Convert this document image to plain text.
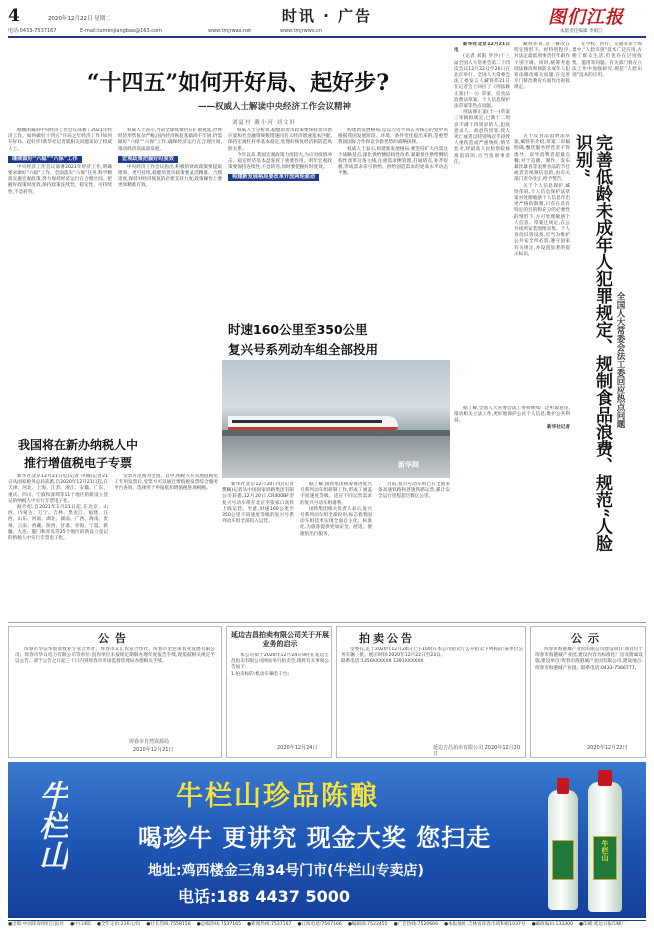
4	2020年12月22日 星期二	时讯 · 广告	图们江报
本版责任编辑 李娟江
电话:0433-7537167	E-mail:tumenjiangbao@163.com	www.tmjrwas.net	www.tmjrwws.cn
“十四五”如何开好局、起好步?
——权威人士解读中央经济工作会议精神
刘夏村 戴小河 刘文轩

刚刚闭幕的中央经济工作会议部署了2021年经济工作。如何做好十四五“开局之年经济工作?如何开好局、起好步?新华社记者就相关问题采访了权威人士。

继续做好“六稳”“六保”工作

中央经济工作会议部署2021年经济工作,明确要求做好“六稳”工作、全面落实“六保”任务,科学精准实施宏观政策,努力保持经济运行在合理区间。把握好政策时度效,保持政策连续性、稳定性、可持续性,不急转弯。

权威人士表示,当前全球疫情仍在扩散蔓延,世界经济形势复杂严峻,国内经济恢复基础尚不牢固,仍需做好“六稳”“六保”工作,确保经济运行在合理区间,推动经济高质量发展。

宏观政策把握好时度效

中央经济工作会议指出,积极的财政政策要提质增效、更可持续,稳健的货币政策要灵活精准、合理适度,保持对经济恢复的必要支持力度,政策操作上要更加精准有效。

权威人士分析说,稳健的货币政策要保持货币供应量和社会融资规模增速同名义经济增速基本匹配,保持宏观杠杆率基本稳定,处理好恢复经济和防范风险关系。

今年以来,我国宏观政策力度较大,为应对疫情冲击、稳定经济基本盘发挥了重要作用。明年宏观政策要保持连续性,不急转弯,同时要把握好时度效。

构建新发展格局要改革开放两轮驱动

构建新发展格局,是以习近平同志为核心的党中央根据我国发展阶段、环境、条件变化提出来的,是重塑我国国际合作和竞争新优势的战略抉择。

权威人士表示,构建新发展格局,要坚持扩大内需这个战略基点,深化供给侧结构性改革,紧紧扭住供给侧结构性改革这条主线,注重需求侧管理,打通堵点,补齐短板,形成需求牵引供给、供给创造需求的更高水平动态平衡。

时速160公里至350公里
复兴号系列动车组全部投用
新华网

新华社北京12月20日电(记者 樊曦)记者从中国国家铁路集团有限公司获悉,12月20日,CR400BF型复兴号动车组在北京至张家口高铁上线运营。至此,时速160公里至350公里不同速度等级的复兴号系列动车组全部投入运营。

据了解,国铁集团统筹推进复兴号系列动车组研制工作,形成了涵盖不同速度等级、适应不同运营需求的复兴号动车组谱系。

国铁集团相关负责人表示,复兴号系列动车组全部投用,标志着我国动车组技术实现全面自主化、标准化,为旅客提供更加安全、舒适、便捷的出行服务。

目前,复兴号动车组已在全国多条高速铁路和普速铁路运营,累计安全运行里程超过数亿公里。

我国将在新办纳税人中
推行增值税电子专票

新华社北京12月21日电(记者 申铖)记者21日从国家税务总局获悉,自2020年12月21日起,在天津、河北、上海、江苏、浙江、安徽、广东、重庆、四川、宁波和深圳等11个地区的新设立登记的纳税人中实行专票电子化。

据介绍,自2021年1月21日起,在北京、山西、内蒙古、辽宁、吉林、黑龙江、福建、江西、山东、河南、湖北、湖南、广西、海南、贵州、云南、西藏、陕西、甘肃、青海、宁夏、新疆、大连、厦门和青岛等25个地区的新设立登记的纳税人中实行专票电子化。

受票方范围为全国。其中,纳税人开具增值税电子专用发票后,受票方可以通过增值税发票综合服务平台查询、选择用于申报抵扣增值税进项税额。

新华社北京12月21日电

(记者 刘阳 罗沙)十三届全国人大常委会第二十四次会议12月22日至26日在北京举行。全国人大常委会法工委发言人臧铁伟21日在记者会上回应了《刑法修正案(十一)》草案、反食品浪费法草案、个人信息保护法草案等热点问题。

刑法修正案(十一)草案三审稿拟规定,已满十二周岁不满十四周岁的人,犯故意杀人、故意伤害罪,致人死亡或者以特别残忍手段致人重伤造成严重残疾,情节恶劣,经最高人民检察院核准追诉的,应当负刑事责任。

臧铁伟说,这一修改在特定情形下、经特别程序,对法定最低刑事责任年龄作个别下调。同时,统筹考虑刑法修改和预防未成年人犯罪法修改相关问题,在完善专门矫治教育方面作出衔接规定。

完善低龄未成年人犯罪规定、规制食品浪费、规范“人脸识别”
全国人大常委会法工委回应热点问题

关于反食品浪费法草案,臧铁伟介绍,草案二审稿明确,餐饮服务经营者不得诱导、误导消费者超量点餐;对于直播、制作、发布暴饮暴食等浪费食品的节目或者音视频信息的,由有关部门责令改正,给予警告。

关于个人信息保护,臧铁伟说,个人信息保护法草案对处理敏感个人信息作出更严格的限制,只有在具有特定的目的和充分的必要性的情形下,方可处理敏感个人信息。草案还规定,在公共场所安装图像采集、个人身份识别设备,应当为维护公共安全所必需,遵守国家有关规定,并设置显著的提示标识。

在学校、医疗、交通等多个场景中,“人脸识别”技术广泛应用,方便了群众生活,但也存在过度收集、滥用等问题。有关部门将在立法工作中加强研究,规范“人脸识别”技术的应用。

据了解,全国人大常委会法工委将继续广泛听取意见,推动相关立法工作,更好地保护公民个人信息,维护公共利益。

新华社记者

公告

珲春市华信华宸农牧业专业合作社、珲春市众汇农业合作社、珲春市金达莱农业发展有限公司、珲春市华众电力有限公司等单位:因你单位未按规定期限办理年度报告手续,现依据相关规定予以公告。请于公告之日起三十日内到珲春市市场监督管理局办理相关手续。

珲春市自然资源局
2020年12月21日
延边吉昌拍卖有限公司关于开展业务的启示

本公司拟于2020年12月24日9时在延边吉昌拍卖有限公司网站举行拍卖会,现将有关事项公告如下:

1.拍卖标的:机动车辆若干台;

2020年12月24日
拍卖公告

受委托,定于2020年12月24日上午10时在本公司拍卖厅公开拍卖下列标的:某单位公务车辆一批。展示时间:2020年12月22日至23日。

联系电话:1356XXXXXX 1391XXXXXX

延边吉昌拍卖有限公司 2020年12月20日
公示

珲春市海港城产业园有限公司建设项目:项目位于珲春市海港城产业园,建设内容为标准化厂房及附属设施,建设单位:珲春市海港城产业园有限公司,建设地点:珲春市海港城产业园。联系电话:0433-7566777。

2020年12月22日
牛栏山	牛栏山珍品陈酿
喝珍牛 更讲究 现金大奖 您扫走
地址:鸡西楼金三角34号门市(牛栏山专卖店)
电话:188 4437 5000
牛栏山
●出版:中国珲春图们江报社 ●中日4版 ●全年定价:216元/份 ●社长热线:7558158 ●总编热线:7537165 ●新闻热线:7537167 ●订阅电话:7567166 ●编辑部:7523455 ●广告热线:7520666 ●本报地址:吉林省珲春市靖和街1037号 ●邮政编码:133300 ●印刷:延边日报印刷厂
